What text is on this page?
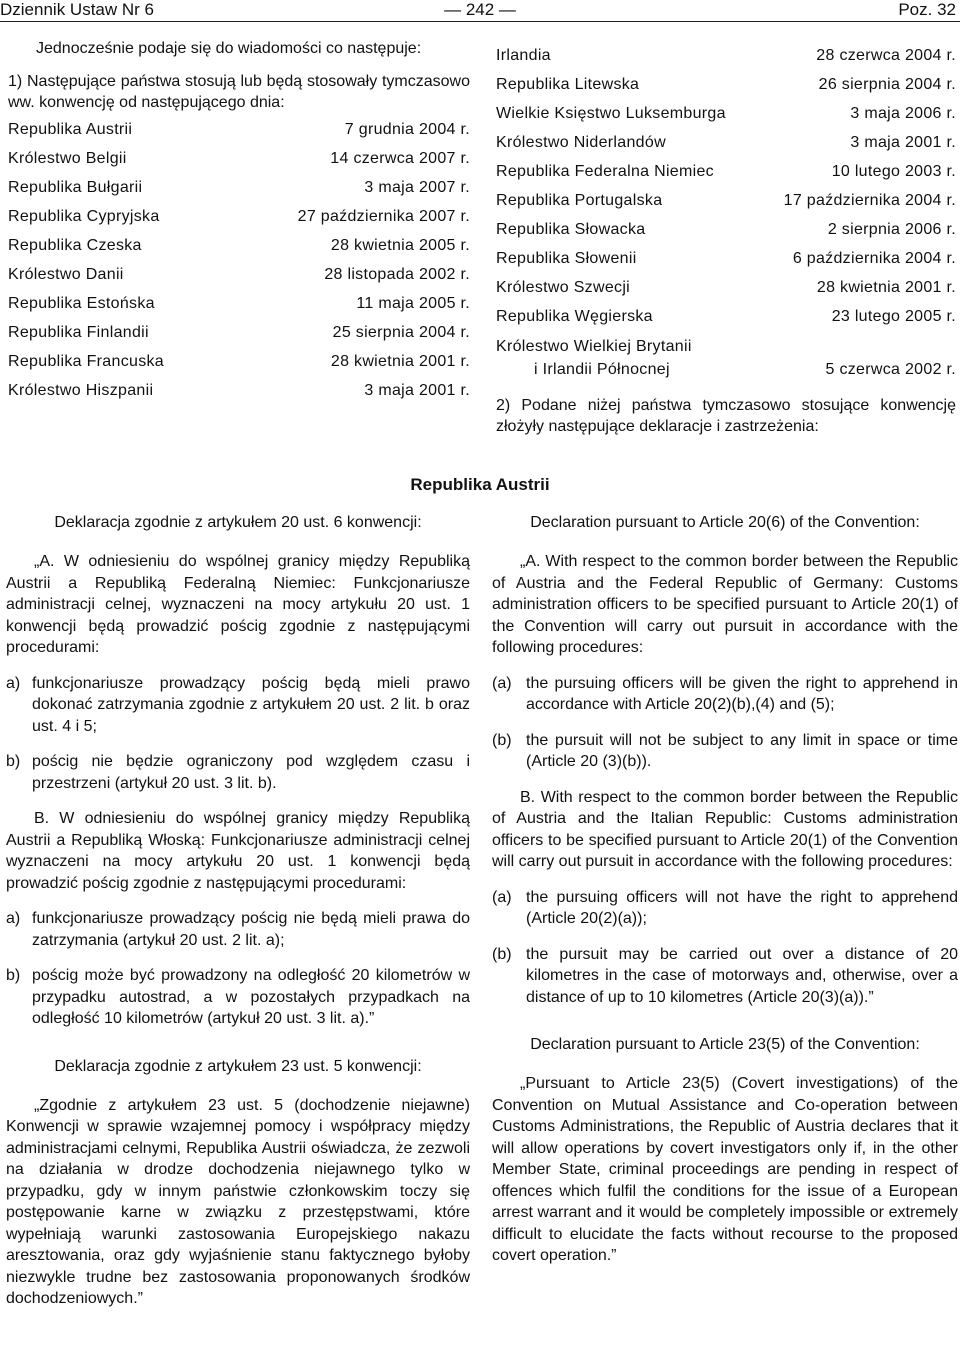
Dziennik Ustaw Nr 6	— 242 —	Poz. 32

Jednocześnie podaje się do wiadomości co następuje:

1) Następujące państwa stosują lub będą stosowały tymczasowo ww. konwencję od następującego dnia:

Republika Austrii	7 grudnia 2004 r.
Królestwo Belgii	14 czerwca 2007 r.
Republika Bułgarii	3 maja 2007 r.
Republika Cypryjska	27 października 2007 r.
Republika Czeska	28 kwietnia 2005 r.
Królestwo Danii	28 listopada 2002 r.
Republika Estońska	11 maja 2005 r.
Republika Finlandii	25 sierpnia 2004 r.
Republika Francuska	28 kwietnia 2001 r.
Królestwo Hiszpanii	3 maja 2001 r.
Irlandia	28 czerwca 2004 r.
Republika Litewska	26 sierpnia 2004 r.
Wielkie Księstwo Luksemburga	3 maja 2006 r.
Królestwo Niderlandów	3 maja 2001 r.
Republika Federalna Niemiec	10 lutego 2003 r.
Republika Portugalska	17 października 2004 r.
Republika Słowacka	2 sierpnia 2006 r.
Republika Słowenii	6 października 2004 r.
Królestwo Szwecji	28 kwietnia 2001 r.
Republika Węgierska	23 lutego 2005 r.
Królestwo Wielkiej Brytanii
i Irlandii Północnej	5 czerwca 2002 r.

2) Podane niżej państwa tymczasowo stosujące konwencję złożyły następujące deklaracje i zastrzeżenia:

Republika Austrii

Deklaracja zgodnie z artykułem 20 ust. 6 konwencji:

„A. W odniesieniu do wspólnej granicy między Republiką Austrii a Republiką Federalną Niemiec: Funkcjonariusze administracji celnej, wyznaczeni na mocy artykułu 20 ust. 1 konwencji będą prowadzić pościg zgodnie z następującymi procedurami:

a) funkcjonariusze prowadzący pościg będą mieli prawo dokonać zatrzymania zgodnie z artykułem 20 ust. 2 lit. b oraz ust. 4 i 5;
b) pościg nie będzie ograniczony pod względem czasu i przestrzeni (artykuł 20 ust. 3 lit. b).

B. W odniesieniu do wspólnej granicy między Republiką Austrii a Republiką Włoską: Funkcjonariusze administracji celnej wyznaczeni na mocy artykułu 20 ust. 1 konwencji będą prowadzić pościg zgodnie z następującymi procedurami:

a) funkcjonariusze prowadzący pościg nie będą mieli prawa do zatrzymania (artykuł 20 ust. 2 lit. a);
b) pościg może być prowadzony na odległość 20 kilometrów w przypadku autostrad, a w pozostałych przypadkach na odległość 10 kilometrów (artykuł 20 ust. 3 lit. a).”

Deklaracja zgodnie z artykułem 23 ust. 5 konwencji:

„Zgodnie z artykułem 23 ust. 5 (dochodzenie niejawne) Konwencji w sprawie wzajemnej pomocy i współpracy między administracjami celnymi, Republika Austrii oświadcza, że zezwoli na działania w drodze dochodzenia niejawnego tylko w przypadku, gdy w innym państwie członkowskim toczy się postępowanie karne w związku z przestępstwami, które wypełniają warunki zastosowania Europejskiego nakazu aresztowania, oraz gdy wyjaśnienie stanu faktycznego byłoby niezwykle trudne bez zastosowania proponowanych środków dochodzeniowych.”

Declaration pursuant to Article 20(6) of the Convention:

„A. With respect to the common border between the Republic of Austria and the Federal Republic of Germany: Customs administration officers to be specified pursuant to Article 20(1) of the Convention will carry out pursuit in accordance with the following procedures:

(a) the pursuing officers will be given the right to apprehend in accordance with Article 20(2)(b),(4) and (5);
(b) the pursuit will not be subject to any limit in space or time (Article 20 (3)(b)).

B. With respect to the common border between the Republic of Austria and the Italian Republic: Customs administration officers to be specified pursuant to Article 20(1) of the Convention will carry out pursuit in accordance with the following procedures:

(a) the pursuing officers will not have the right to apprehend (Article 20(2)(a));
(b) the pursuit may be carried out over a distance of 20 kilometres in the case of motorways and, otherwise, over a distance of up to 10 kilometres (Article 20(3)(a)).”

Declaration pursuant to Article 23(5) of the Convention:

„Pursuant to Article 23(5) (Covert investigations) of the Convention on Mutual Assistance and Co-operation between Customs Administrations, the Republic of Austria declares that it will allow operations by covert investigators only if, in the other Member State, criminal proceedings are pending in respect of offences which fulfil the conditions for the issue of a European arrest warrant and it would be completely impossible or extremely difficult to elucidate the facts without recourse to the proposed covert operation.”
